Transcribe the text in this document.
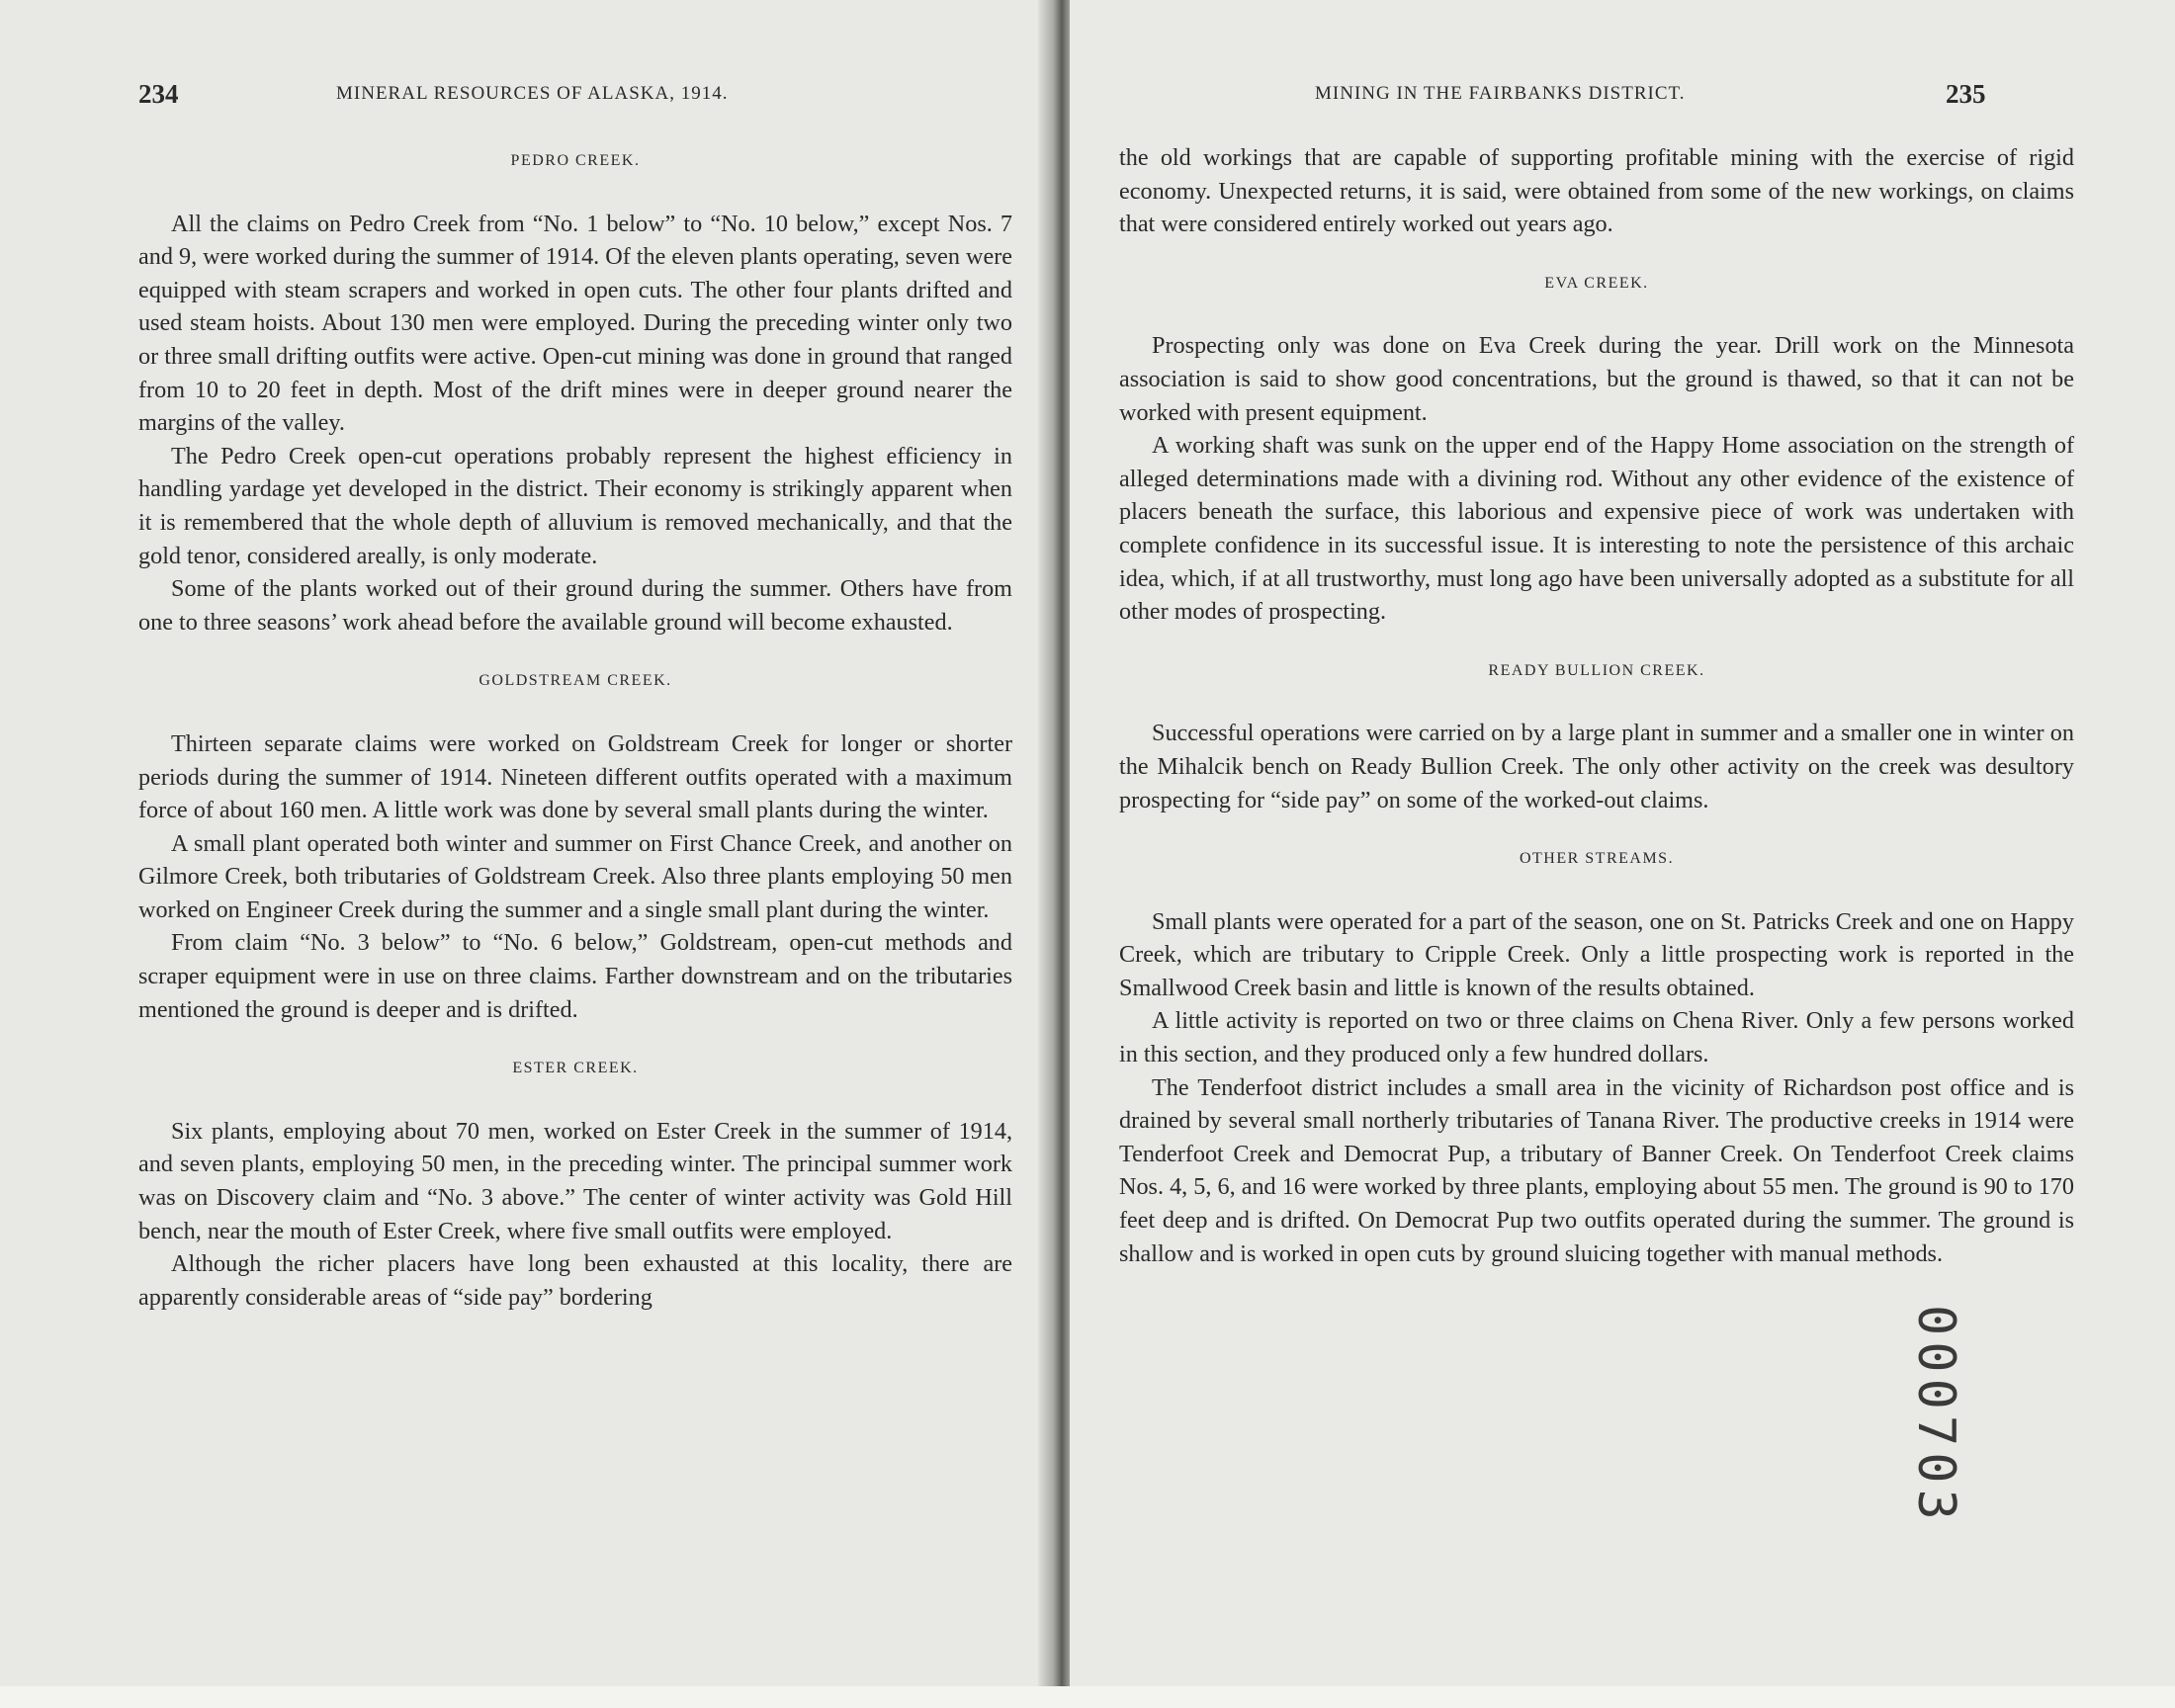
234	MINERAL RESOURCES OF ALASKA, 1914.
PEDRO CREEK.

All the claims on Pedro Creek from “No. 1 below” to “No. 10 below,” except Nos. 7 and 9, were worked during the summer of 1914. Of the eleven plants operating, seven were equipped with steam scrapers and worked in open cuts. The other four plants drifted and used steam hoists. About 130 men were employed. During the preceding winter only two or three small drifting outfits were active. Open-cut mining was done in ground that ranged from 10 to 20 feet in depth. Most of the drift mines were in deeper ground nearer the margins of the valley.

The Pedro Creek open-cut operations probably represent the highest efficiency in handling yardage yet developed in the district. Their economy is strikingly apparent when it is remembered that the whole depth of alluvium is removed mechanically, and that the gold tenor, considered areally, is only moderate.

Some of the plants worked out of their ground during the summer. Others have from one to three seasons’ work ahead before the available ground will become exhausted.

GOLDSTREAM CREEK.

Thirteen separate claims were worked on Goldstream Creek for longer or shorter periods during the summer of 1914. Nineteen different outfits operated with a maximum force of about 160 men. A little work was done by several small plants during the winter.

A small plant operated both winter and summer on First Chance Creek, and another on Gilmore Creek, both tributaries of Goldstream Creek. Also three plants employing 50 men worked on Engineer Creek during the summer and a single small plant during the winter.

From claim “No. 3 below” to “No. 6 below,” Goldstream, open-cut methods and scraper equipment were in use on three claims. Farther downstream and on the tributaries mentioned the ground is deeper and is drifted.

ESTER CREEK.

Six plants, employing about 70 men, worked on Ester Creek in the summer of 1914, and seven plants, employing 50 men, in the preceding winter. The principal summer work was on Discovery claim and “No. 3 above.” The center of winter activity was Gold Hill bench, near the mouth of Ester Creek, where five small outfits were employed.

Although the richer placers have long been exhausted at this locality, there are apparently considerable areas of “side pay” bordering

MINING IN THE FAIRBANKS DISTRICT.	235

the old workings that are capable of supporting profitable mining with the exercise of rigid economy. Unexpected returns, it is said, were obtained from some of the new workings, on claims that were considered entirely worked out years ago.

EVA CREEK.

Prospecting only was done on Eva Creek during the year. Drill work on the Minnesota association is said to show good concentrations, but the ground is thawed, so that it can not be worked with present equipment.

A working shaft was sunk on the upper end of the Happy Home association on the strength of alleged determinations made with a divining rod. Without any other evidence of the existence of placers beneath the surface, this laborious and expensive piece of work was undertaken with complete confidence in its successful issue. It is interesting to note the persistence of this archaic idea, which, if at all trustworthy, must long ago have been universally adopted as a substitute for all other modes of prospecting.

READY BULLION CREEK.

Successful operations were carried on by a large plant in summer and a smaller one in winter on the Mihalcik bench on Ready Bullion Creek. The only other activity on the creek was desultory prospecting for “side pay” on some of the worked-out claims.

OTHER STREAMS.

Small plants were operated for a part of the season, one on St. Patricks Creek and one on Happy Creek, which are tributary to Cripple Creek. Only a little prospecting work is reported in the Smallwood Creek basin and little is known of the results obtained.

A little activity is reported on two or three claims on Chena River. Only a few persons worked in this section, and they produced only a few hundred dollars.

The Tenderfoot district includes a small area in the vicinity of Richardson post office and is drained by several small northerly tributaries of Tanana River. The productive creeks in 1914 were Tenderfoot Creek and Democrat Pup, a tributary of Banner Creek. On Tenderfoot Creek claims Nos. 4, 5, 6, and 16 were worked by three plants, employing about 55 men. The ground is 90 to 170 feet deep and is drifted. On Democrat Pup two outfits operated during the summer. The ground is shallow and is worked in open cuts by ground sluicing together with manual methods.

000703
